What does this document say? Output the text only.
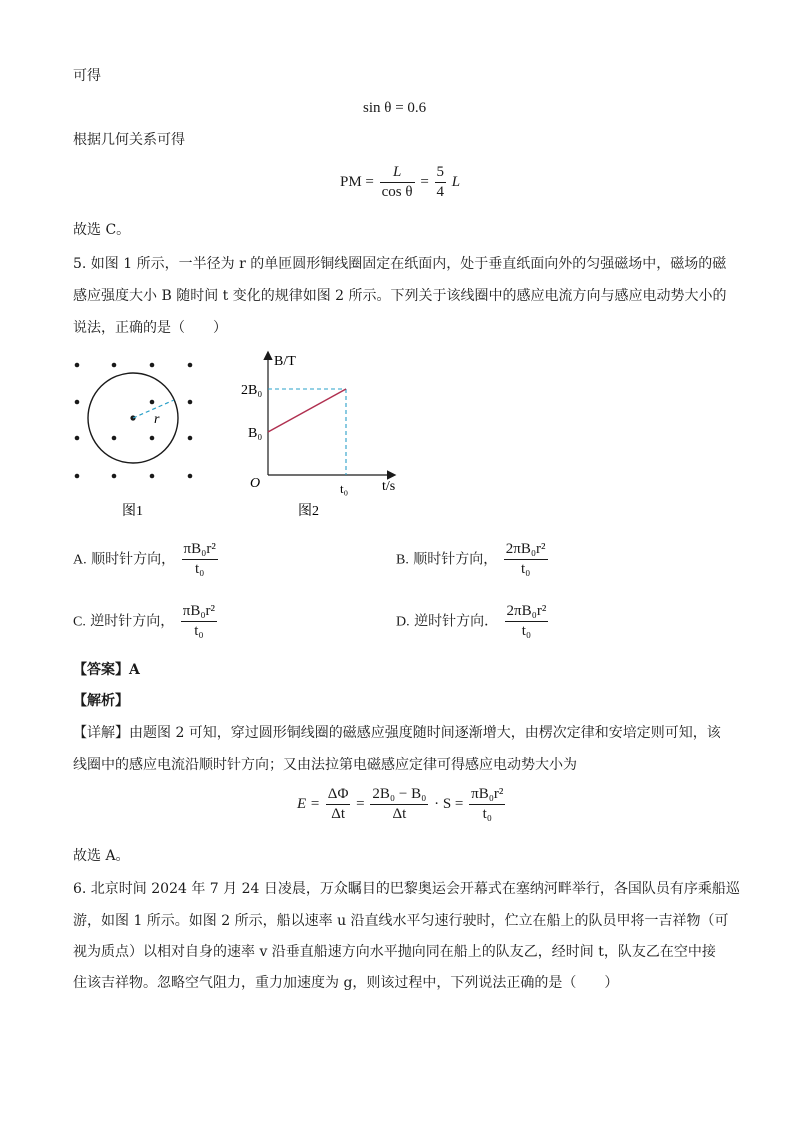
可得
sin θ = 0.6
根据几何关系可得
PM = $\frac{L}{\text{cos θ}} = \frac{5}{4}$ L
故选 C。
5. 如图 1 所示，一半径为 r 的单匝圆形铜线圈固定在纸面内，处于垂直纸面向外的匀强磁场中，磁场的磁
感应强度大小 B 随时间 t 变化的规律如图 2 所示。下列关于该线圈中的感应电流方向与感应电动势大小的
说法，正确的是（　　）
r
图1
B/T
2B₀
B₀
O	t₀ t/s
图2
A. 顺时针方向， $\frac{\text{πB₀r²}}{\text{t₀}}$	B. 顺时针方向， $\frac{\text{2πB₀r²}}{\text{t₀}}$
C. 逆时针方向， $\frac{\text{πB₀r²}}{\text{t₀}}$	D. 逆时针方向． $\frac{\text{2πB₀r²}}{\text{t₀}}$
【答案】A
【解析】
【详解】由题图 2 可知，穿过圆形铜线圈的磁感应强度随时间逐渐增大，由楞次定律和安培定则可知，该
线圈中的感应电流沿顺时针方向；又由法拉第电磁感应定律可得感应电动势大小为
$E = \frac{\Delta\Phi}{\Delta t} = \frac{\text{2B₀ − B₀}}{\Delta t} \cdot S = \frac{\text{πB₀r²}}{\text{t₀}}$
故选 A。
6. 北京时间 2024 年 7 月 24 日凌晨，万众瞩目的巴黎奥运会开幕式在塞纳河畔举行，各国队员有序乘船巡
游，如图 1 所示。如图 2 所示，船以速率 u 沿直线水平匀速行驶时，伫立在船上的队员甲将一吉祥物（可
视为质点）以相对自身的速率 v 沿垂直船速方向水平抛向同在船上的队友乙，经时间 t，队友乙在空中接
住该吉祥物。忽略空气阻力，重力加速度为 g，则该过程中，下列说法正确的是（　　）
